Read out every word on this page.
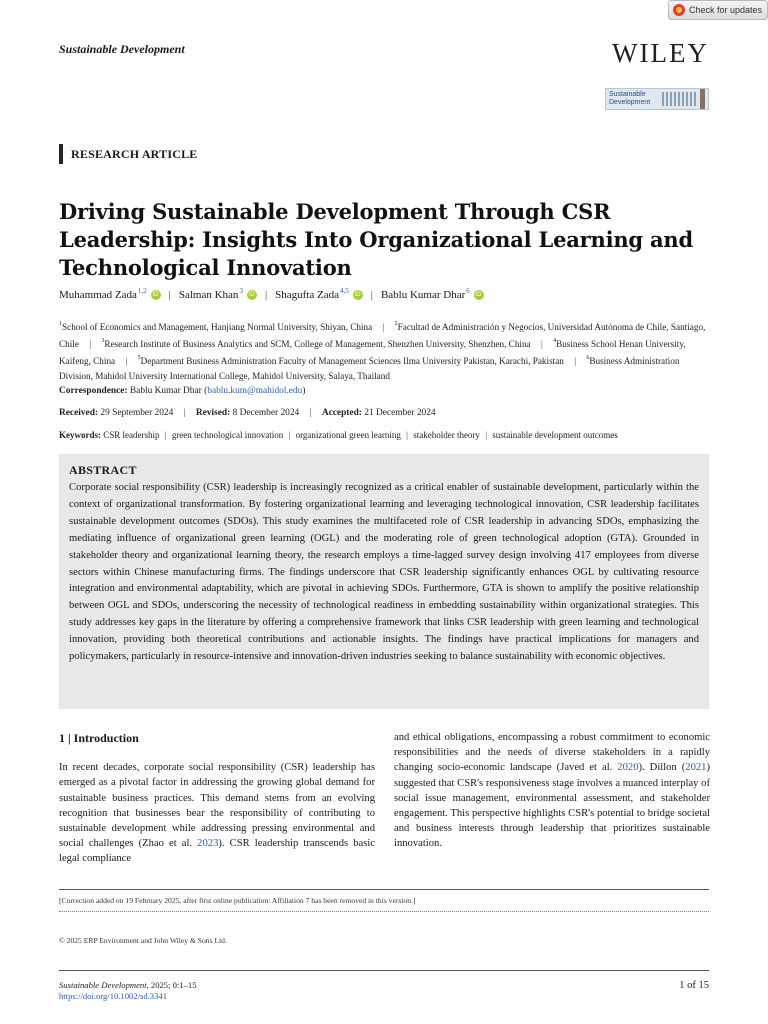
Check for updates
Sustainable Development	WILEY
Sustainable Development
RESEARCH ARTICLE
Driving Sustainable Development Through CSR Leadership: Insights Into Organizational Learning and Technological Innovation
Muhammad Zada$^{1,2}$	iD | Salman Khan$^3$	iD | Shagufta Zada$^{4,5}$	iD | Bablu Kumar Dhar$^6$	iD
$^1$School of Economics and Management, Hanjiang Normal University, Shiyan, China | $^2$Facultad de Administración y Negocios, Universidad Autónoma de Chile, Santiago, Chile | $^3$Research Institute of Business Analytics and SCM, College of Management, Shenzhen University, Shenzhen, China | $^4$Business School Henan University, Kaifeng, China | $^5$Department Business Administration Faculty of Management Sciences Ilma University Pakistan, Karachi, Pakistan | $^6$Business Administration Division, Mahidol University International College, Mahidol University, Salaya, Thailand
Correspondence: Bablu Kumar Dhar (bablu.kum@mahidol.edu)
Received: 29 September 2024 | Revised: 8 December 2024 | Accepted: 21 December 2024
Keywords: CSR leadership | green technological innovation | organizational green learning | stakeholder theory | sustainable development outcomes
ABSTRACT

Corporate social responsibility (CSR) leadership is increasingly recognized as a critical enabler of sustainable development, particularly within the context of organizational transformation. By fostering organizational learning and leveraging technological innovation, CSR leadership facilitates sustainable development outcomes (SDOs). This study examines the multifaceted role of CSR leadership in advancing SDOs, emphasizing the mediating influence of organizational green learning (OGL) and the moderating role of green technological adoption (GTA). Grounded in stakeholder theory and organizational learning theory, the research employs a time-lagged survey design involving 417 employees from diverse sectors within Chinese manufacturing firms. The findings underscore that CSR leadership significantly enhances OGL by cultivating resource integration and environmental adaptability, which are pivotal in achieving SDOs. Furthermore, GTA is shown to amplify the positive relationship between OGL and SDOs, underscoring the necessity of technological readiness in embedding sustainability within organizational strategies. This study addresses key gaps in the literature by offering a comprehensive framework that links CSR leadership with green learning and technological innovation, providing both theoretical contributions and actionable insights. The findings have practical implications for managers and policymakers, particularly in resource-intensive and innovation-driven industries seeking to balance sustainability with economic objectives.

1 | Introduction

In recent decades, corporate social responsibility (CSR) leadership has emerged as a pivotal factor in addressing the growing global demand for sustainable business practices. This demand stems from an evolving recognition that businesses bear the responsibility of contributing to sustainable development while addressing pressing environmental and social challenges (Zhao et al. 2023). CSR leadership transcends basic legal compliance

and ethical obligations, encompassing a robust commitment to economic responsibilities and the needs of diverse stakeholders in a rapidly changing socio-economic landscape (Javed et al. 2020). Dillon (2021) suggested that CSR's responsiveness stage involves a nuanced interplay of social issue management, environmental assessment, and stakeholder engagement. This perspective highlights CSR's potential to bridge societal and business interests through leadership that prioritizes sustainable innovation.

[Correction added on 19 February 2025, after first online publication: Affiliation 7 has been removed in this version.]
© 2025 ERP Environment and John Wiley & Sons Ltd.
Sustainable Development, 2025; 0:1–15
https://doi.org/10.1002/sd.3341
1 of 15
